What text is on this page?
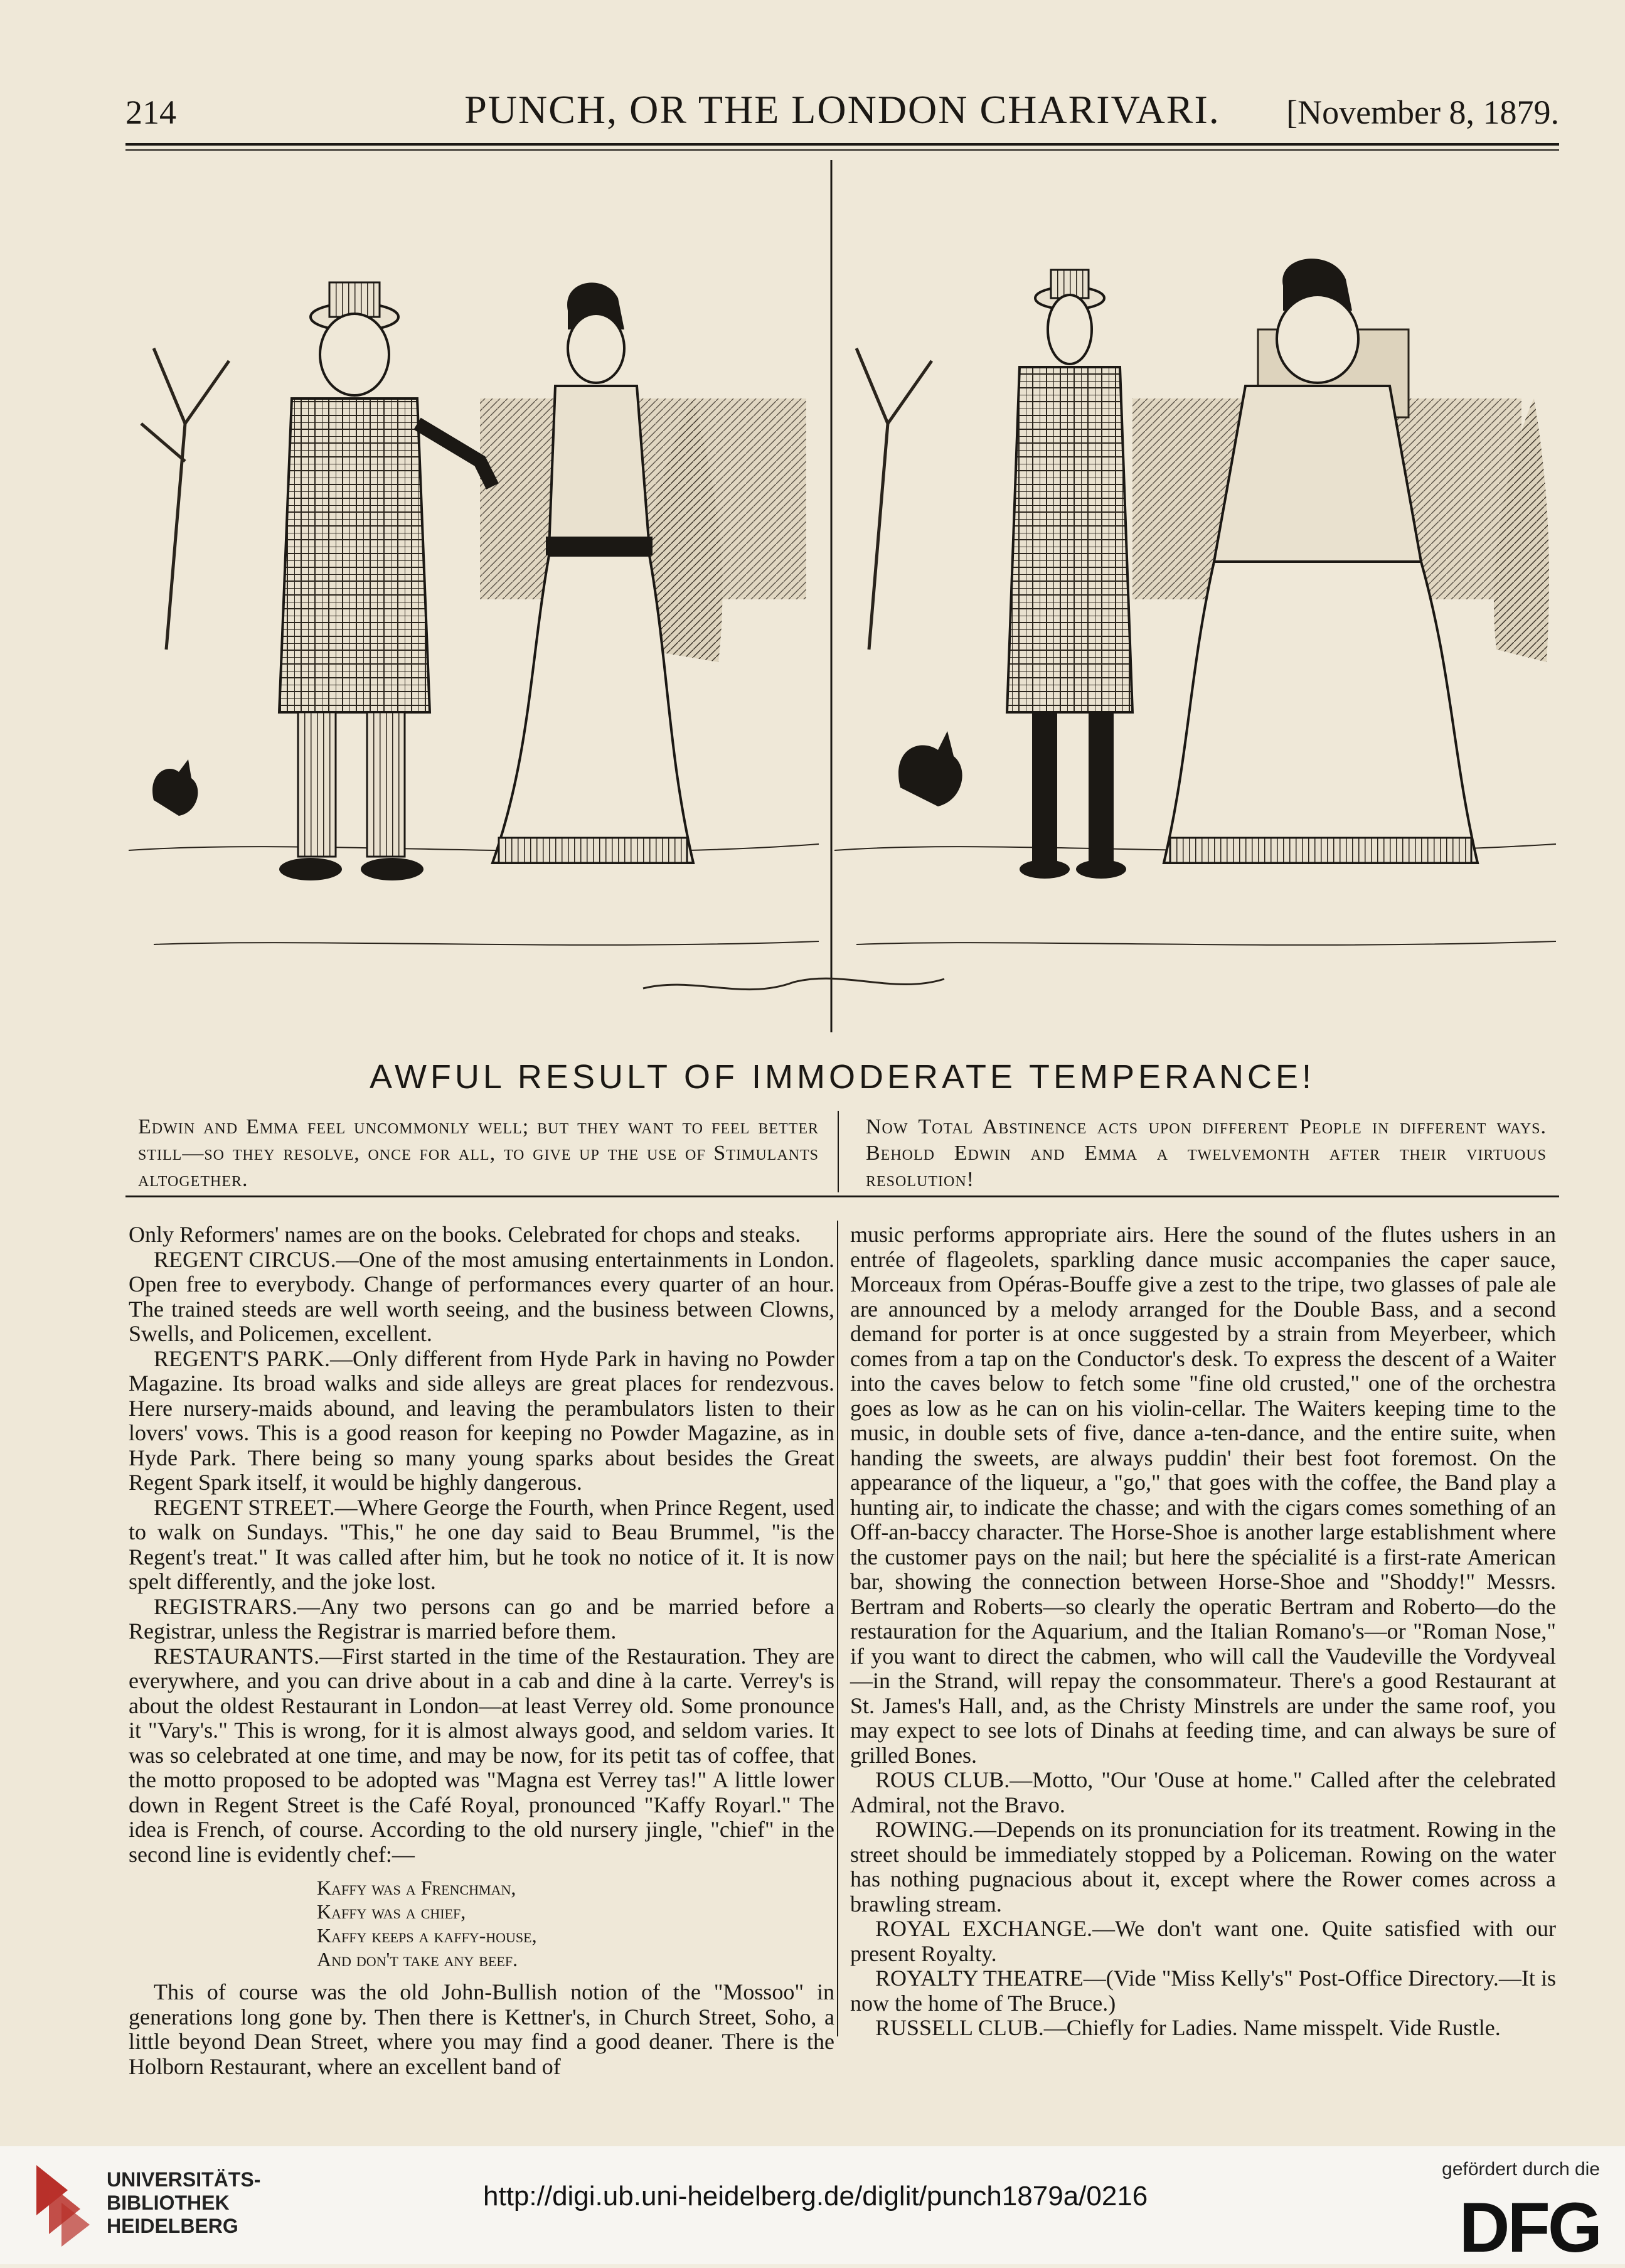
214	PUNCH, OR THE LONDON CHARIVARI.	[November 8, 1879.
AWFUL RESULT OF IMMODERATE TEMPERANCE!
Edwin and Emma feel uncommonly well; but they want to feel better still—so they resolve, once for all, to give up the use of Stimulants altogether.
Now Total Abstinence acts upon different People in different ways. Behold Edwin and Emma a twelvemonth after their virtuous resolution!

Only Reformers' names are on the books. Celebrated for chops and steaks.

REGENT CIRCUS.—One of the most amusing entertainments in London. Open free to everybody. Change of performances every quarter of an hour. The trained steeds are well worth seeing, and the business between Clowns, Swells, and Policemen, excellent.

REGENT'S PARK.—Only different from Hyde Park in having no Powder Magazine. Its broad walks and side alleys are great places for rendezvous. Here nursery-maids abound, and leaving the perambulators listen to their lovers' vows. This is a good reason for keeping no Powder Magazine, as in Hyde Park. There being so many young sparks about besides the Great Regent Spark itself, it would be highly dangerous.

REGENT STREET.—Where George the Fourth, when Prince Regent, used to walk on Sundays. "This," he one day said to Beau Brummel, "is the Regent's treat." It was called after him, but he took no notice of it. It is now spelt differently, and the joke lost.

REGISTRARS.—Any two persons can go and be married before a Registrar, unless the Registrar is married before them.

RESTAURANTS.—First started in the time of the Restauration. They are everywhere, and you can drive about in a cab and dine à la carte. Verrey's is about the oldest Restaurant in London—at least Verrey old. Some pronounce it "Vary's." This is wrong, for it is almost always good, and seldom varies. It was so celebrated at one time, and may be now, for its petit tas of coffee, that the motto proposed to be adopted was "Magna est Verrey tas!" A little lower down in Regent Street is the Café Royal, pronounced "Kaffy Royarl." The idea is French, of course. According to the old nursery jingle, "chief" in the second line is evidently chef:—

Kaffy was a Frenchman,
Kaffy was a chief,
Kaffy keeps a kaffy-house,
And don't take any beef.

This of course was the old John-Bullish notion of the "Mossoo" in generations long gone by. Then there is Kettner's, in Church Street, Soho, a little beyond Dean Street, where you may find a good deaner. There is the Holborn Restaurant, where an excellent band of

music performs appropriate airs. Here the sound of the flutes ushers in an entrée of flageolets, sparkling dance music accompanies the caper sauce, Morceaux from Opéras-Bouffe give a zest to the tripe, two glasses of pale ale are announced by a melody arranged for the Double Bass, and a second demand for porter is at once suggested by a strain from Meyerbeer, which comes from a tap on the Conductor's desk. To express the descent of a Waiter into the caves below to fetch some "fine old crusted," one of the orchestra goes as low as he can on his violin-cellar. The Waiters keeping time to the music, in double sets of five, dance a-ten-dance, and the entire suite, when handing the sweets, are always puddin' their best foot foremost. On the appearance of the liqueur, a "go," that goes with the coffee, the Band play a hunting air, to indicate the chasse; and with the cigars comes something of an Off-an-baccy character. The Horse-Shoe is another large establishment where the customer pays on the nail; but here the spécialité is a first-rate American bar, showing the connection between Horse-Shoe and "Shoddy!" Messrs. Bertram and Roberts—so clearly the operatic Bertram and Roberto—do the restauration for the Aquarium, and the Italian Romano's—or "Roman Nose," if you want to direct the cabmen, who will call the Vaudeville the Vordyveal—in the Strand, will repay the consommateur. There's a good Restaurant at St. James's Hall, and, as the Christy Minstrels are under the same roof, you may expect to see lots of Dinahs at feeding time, and can always be sure of grilled Bones.

ROUS CLUB.—Motto, "Our 'Ouse at home." Called after the celebrated Admiral, not the Bravo.

ROWING.—Depends on its pronunciation for its treatment. Rowing in the street should be immediately stopped by a Policeman. Rowing on the water has nothing pugnacious about it, except where the Rower comes across a brawling stream.

ROYAL EXCHANGE.—We don't want one. Quite satisfied with our present Royalty.

ROYALTY THEATRE—(Vide "Miss Kelly's" Post-Office Directory.—It is now the home of The Bruce.)

RUSSELL CLUB.—Chiefly for Ladies. Name misspelt. Vide Rustle.

UNIVERSITÄTS-
BIBLIOTHEK
HEIDELBERG
http://digi.ub.uni-heidelberg.de/diglit/punch1879a/0216
gefördert durch die
DFG
